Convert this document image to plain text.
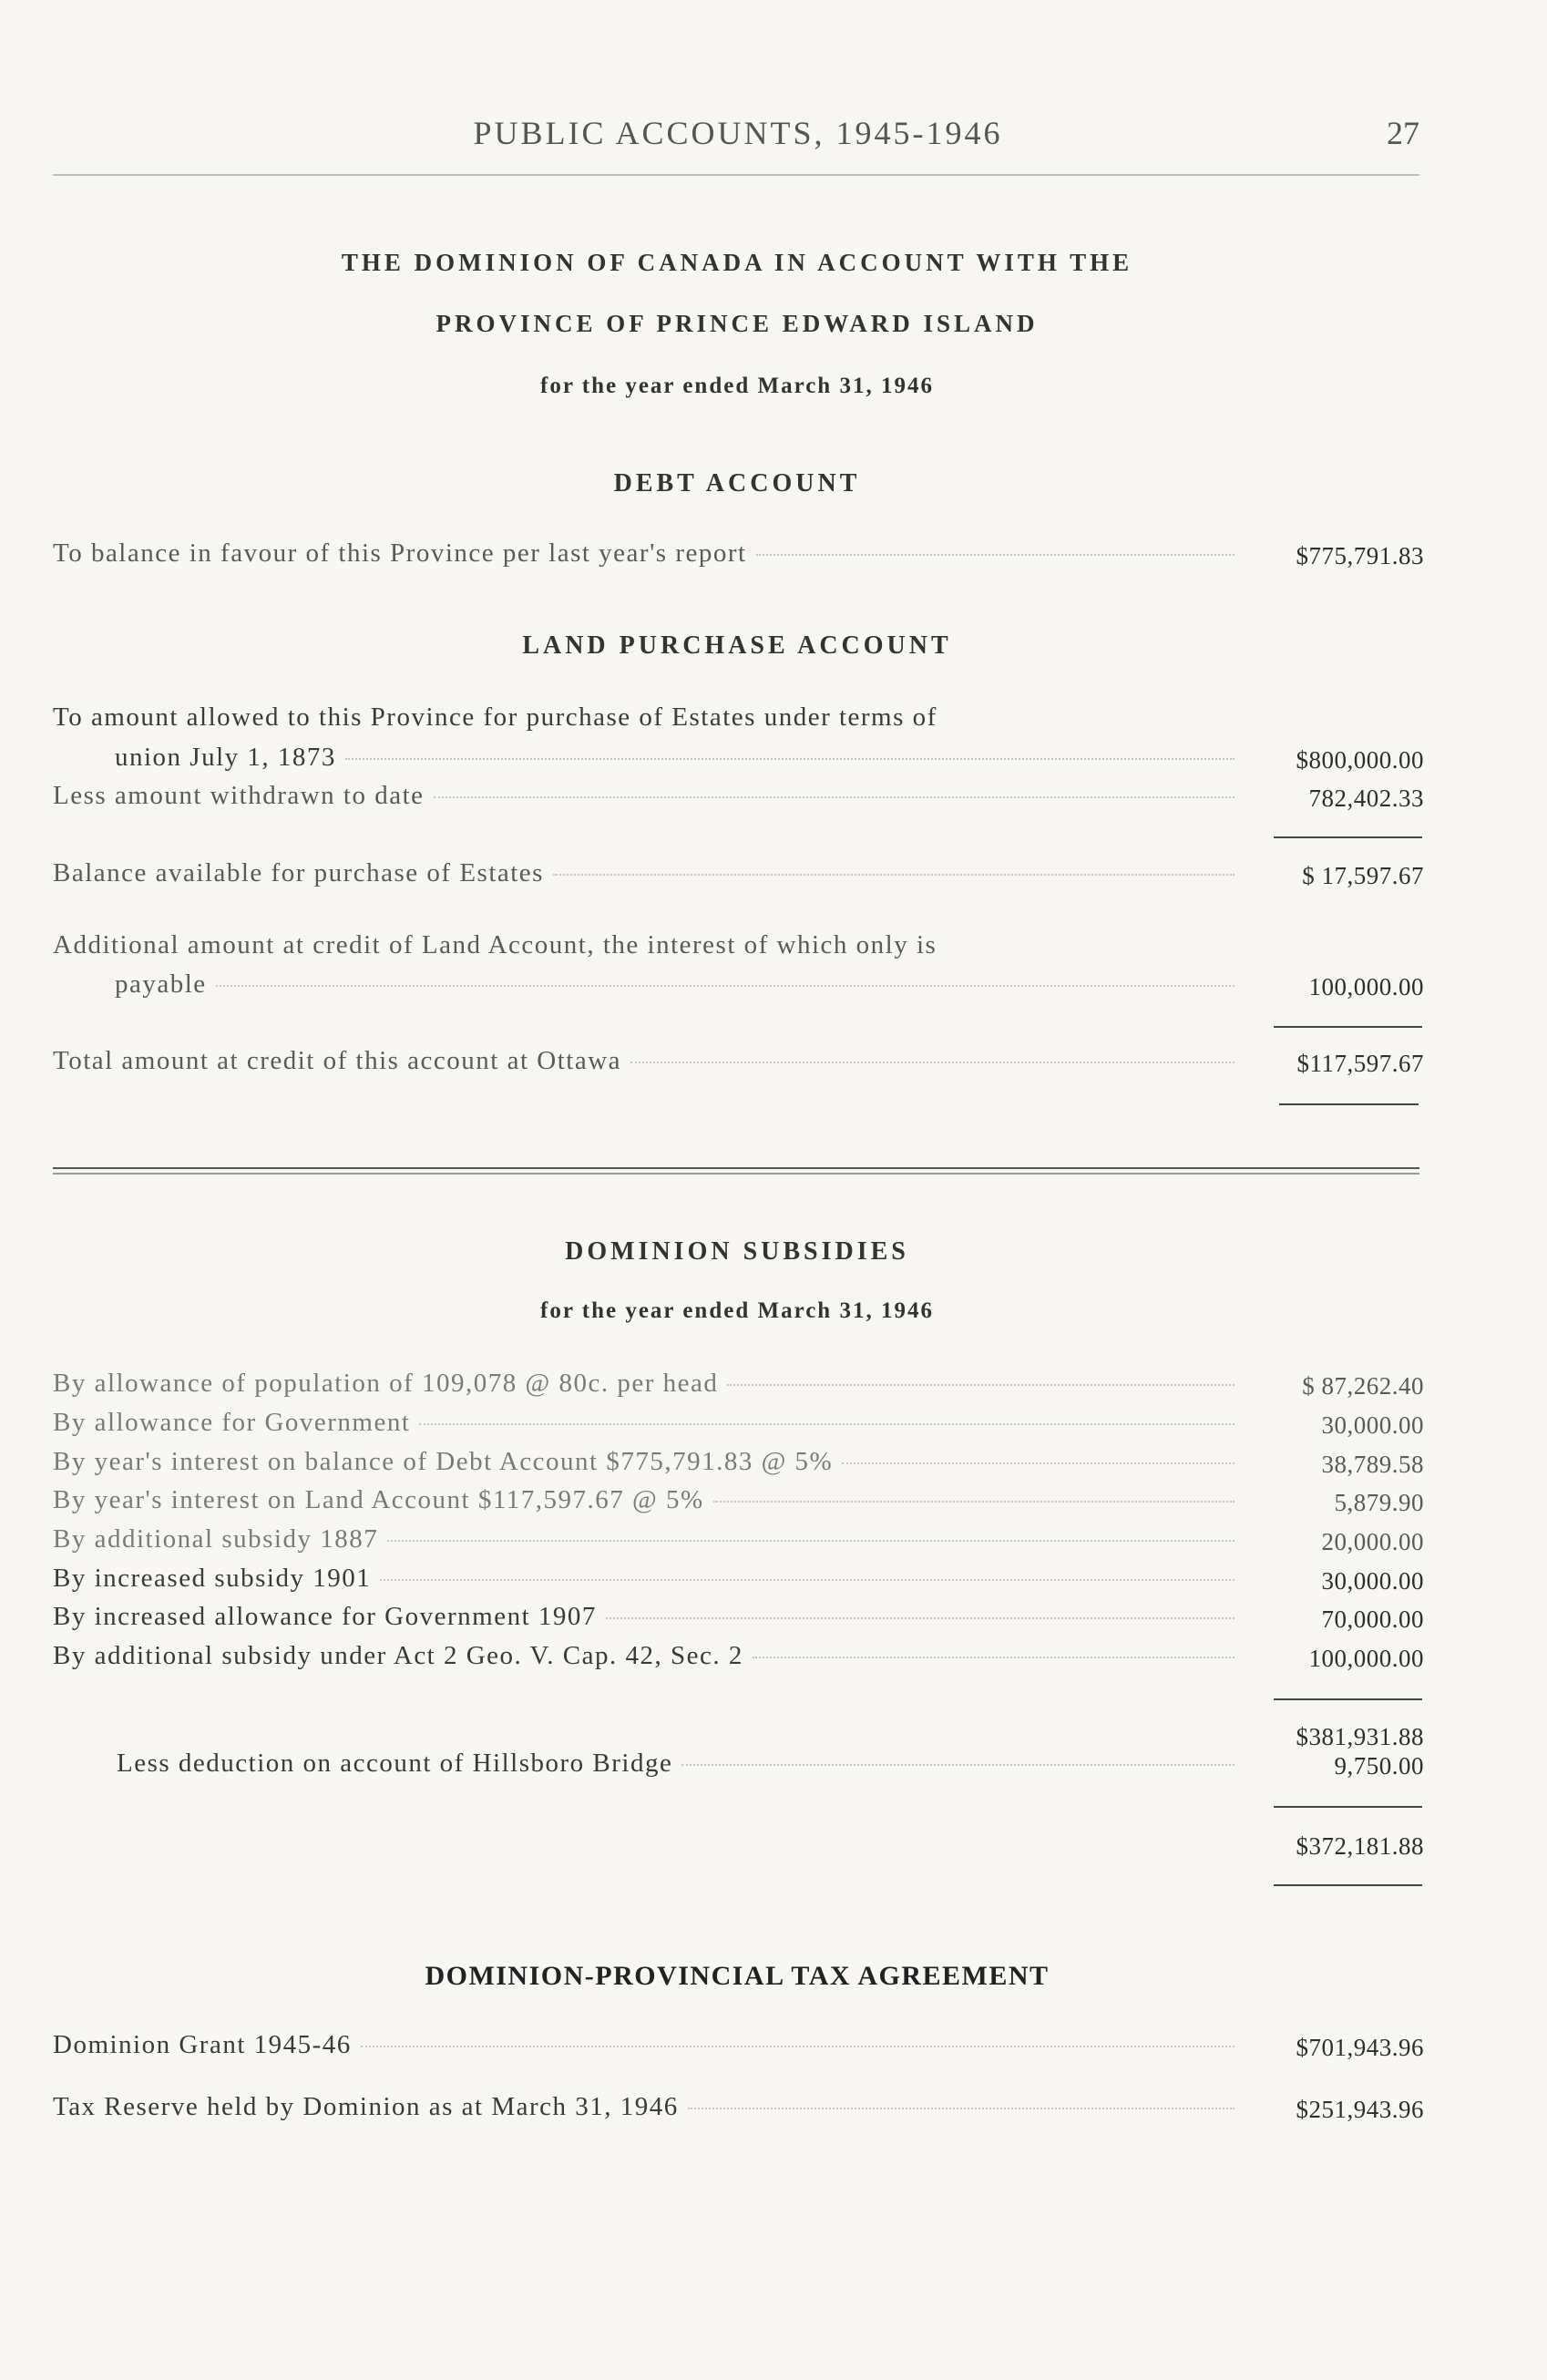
PUBLIC ACCOUNTS, 1945-1946	27
THE DOMINION OF CANADA IN ACCOUNT WITH THE
PROVINCE OF PRINCE EDWARD ISLAND
for the year ended March 31, 1946
DEBT ACCOUNT
To balance in favour of this Province per last year's report	$775,791.83
LAND PURCHASE ACCOUNT
To amount allowed to this Province for purchase of Estates under terms of
union July 1, 1873	$800,000.00
Less amount withdrawn to date	782,402.33
Balance available for purchase of Estates	$ 17,597.67
Additional amount at credit of Land Account, the interest of which only is
payable	100,000.00
Total amount at credit of this account at Ottawa	$117,597.67
DOMINION SUBSIDIES
for the year ended March 31, 1946
By allowance of population of 109,078 @ 80c. per head	$ 87,262.40
By allowance for Government	30,000.00
By year's interest on balance of Debt Account $775,791.83 @ 5%	38,789.58
By year's interest on Land Account $117,597.67 @ 5%	5,879.90
By additional subsidy 1887	20,000.00
By increased subsidy 1901	30,000.00
By increased allowance for Government 1907	70,000.00
By additional subsidy under Act 2 Geo. V. Cap. 42, Sec. 2	100,000.00
$381,931.88
Less deduction on account of Hillsboro Bridge	9,750.00
$372,181.88
DOMINION-PROVINCIAL TAX AGREEMENT
Dominion Grant 1945-46	$701,943.96
Tax Reserve held by Dominion as at March 31, 1946	$251,943.96
